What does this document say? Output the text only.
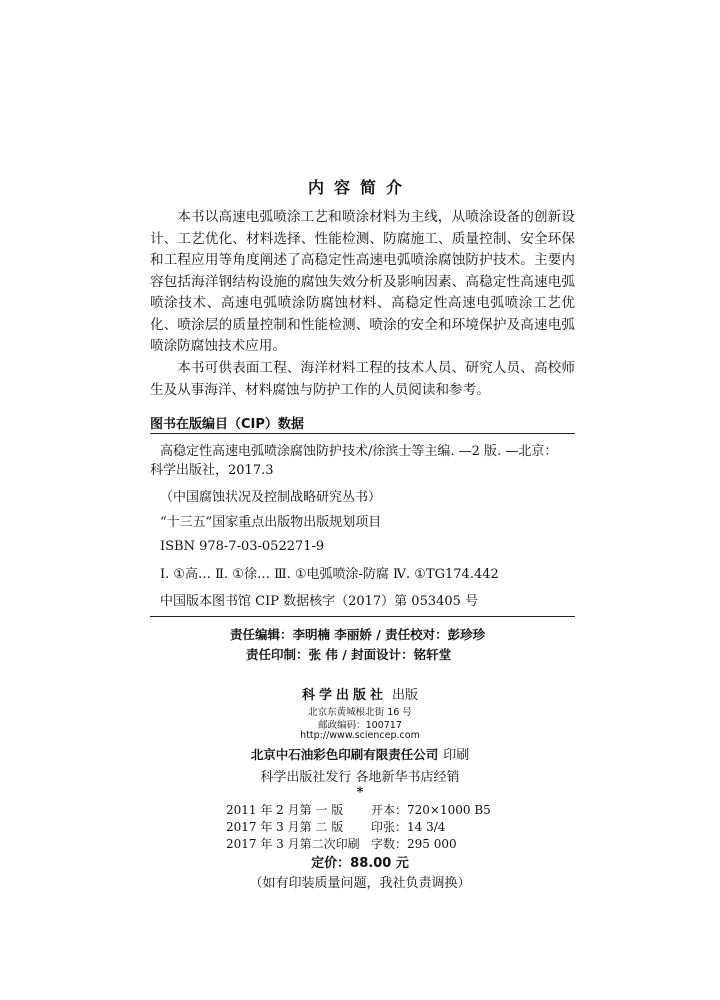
内容简介

本书以高速电弧喷涂工艺和喷涂材料为主线，从喷涂设备的创新设计、工艺优化、材料选择、性能检测、防腐施工、质量控制、安全环保和工程应用等角度阐述了高稳定性高速电弧喷涂腐蚀防护技术。主要内容包括海洋钢结构设施的腐蚀失效分析及影响因素、高稳定性高速电弧喷涂技术、高速电弧喷涂防腐蚀材料、高稳定性高速电弧喷涂工艺优化、喷涂层的质量控制和性能检测、喷涂的安全和环境保护及高速电弧喷涂防腐蚀技术应用。

本书可供表面工程、海洋材料工程的技术人员、研究人员、高校师生及从事海洋、材料腐蚀与防护工作的人员阅读和参考。

图书在版编目（CIP）数据
高稳定性高速电弧喷涂腐蚀防护技术/徐滨士等主编. —2 版. —北京：
科学出版社，2017.3
（中国腐蚀状况及控制战略研究丛书）
“十三五”国家重点出版物出版规划项目
ISBN 978-7-03-052271-9
Ⅰ. ①高… Ⅱ. ①徐… Ⅲ. ①电弧喷涂-防腐 Ⅳ. ①TG174.442
中国版本图书馆 CIP 数据核字（2017）第 053405 号
责任编辑：李明楠 李丽娇 / 责任校对：彭珍珍
责任印制：张 伟 / 封面设计：铭轩堂
科学出版社 出版
北京东黄城根北街 16 号
邮政编码：100717
http://www.sciencep.com
北京中石油彩色印刷有限责任公司 印刷
科学出版社发行 各地新华书店经销
*
2011 年 2 月第 一 版 开本：720×1000 B5
2017 年 3 月第 二 版 印张：14 3/4
2017 年 3 月第二次印刷 字数：295 000
定价：88.00 元
（如有印装质量问题，我社负责调换）
